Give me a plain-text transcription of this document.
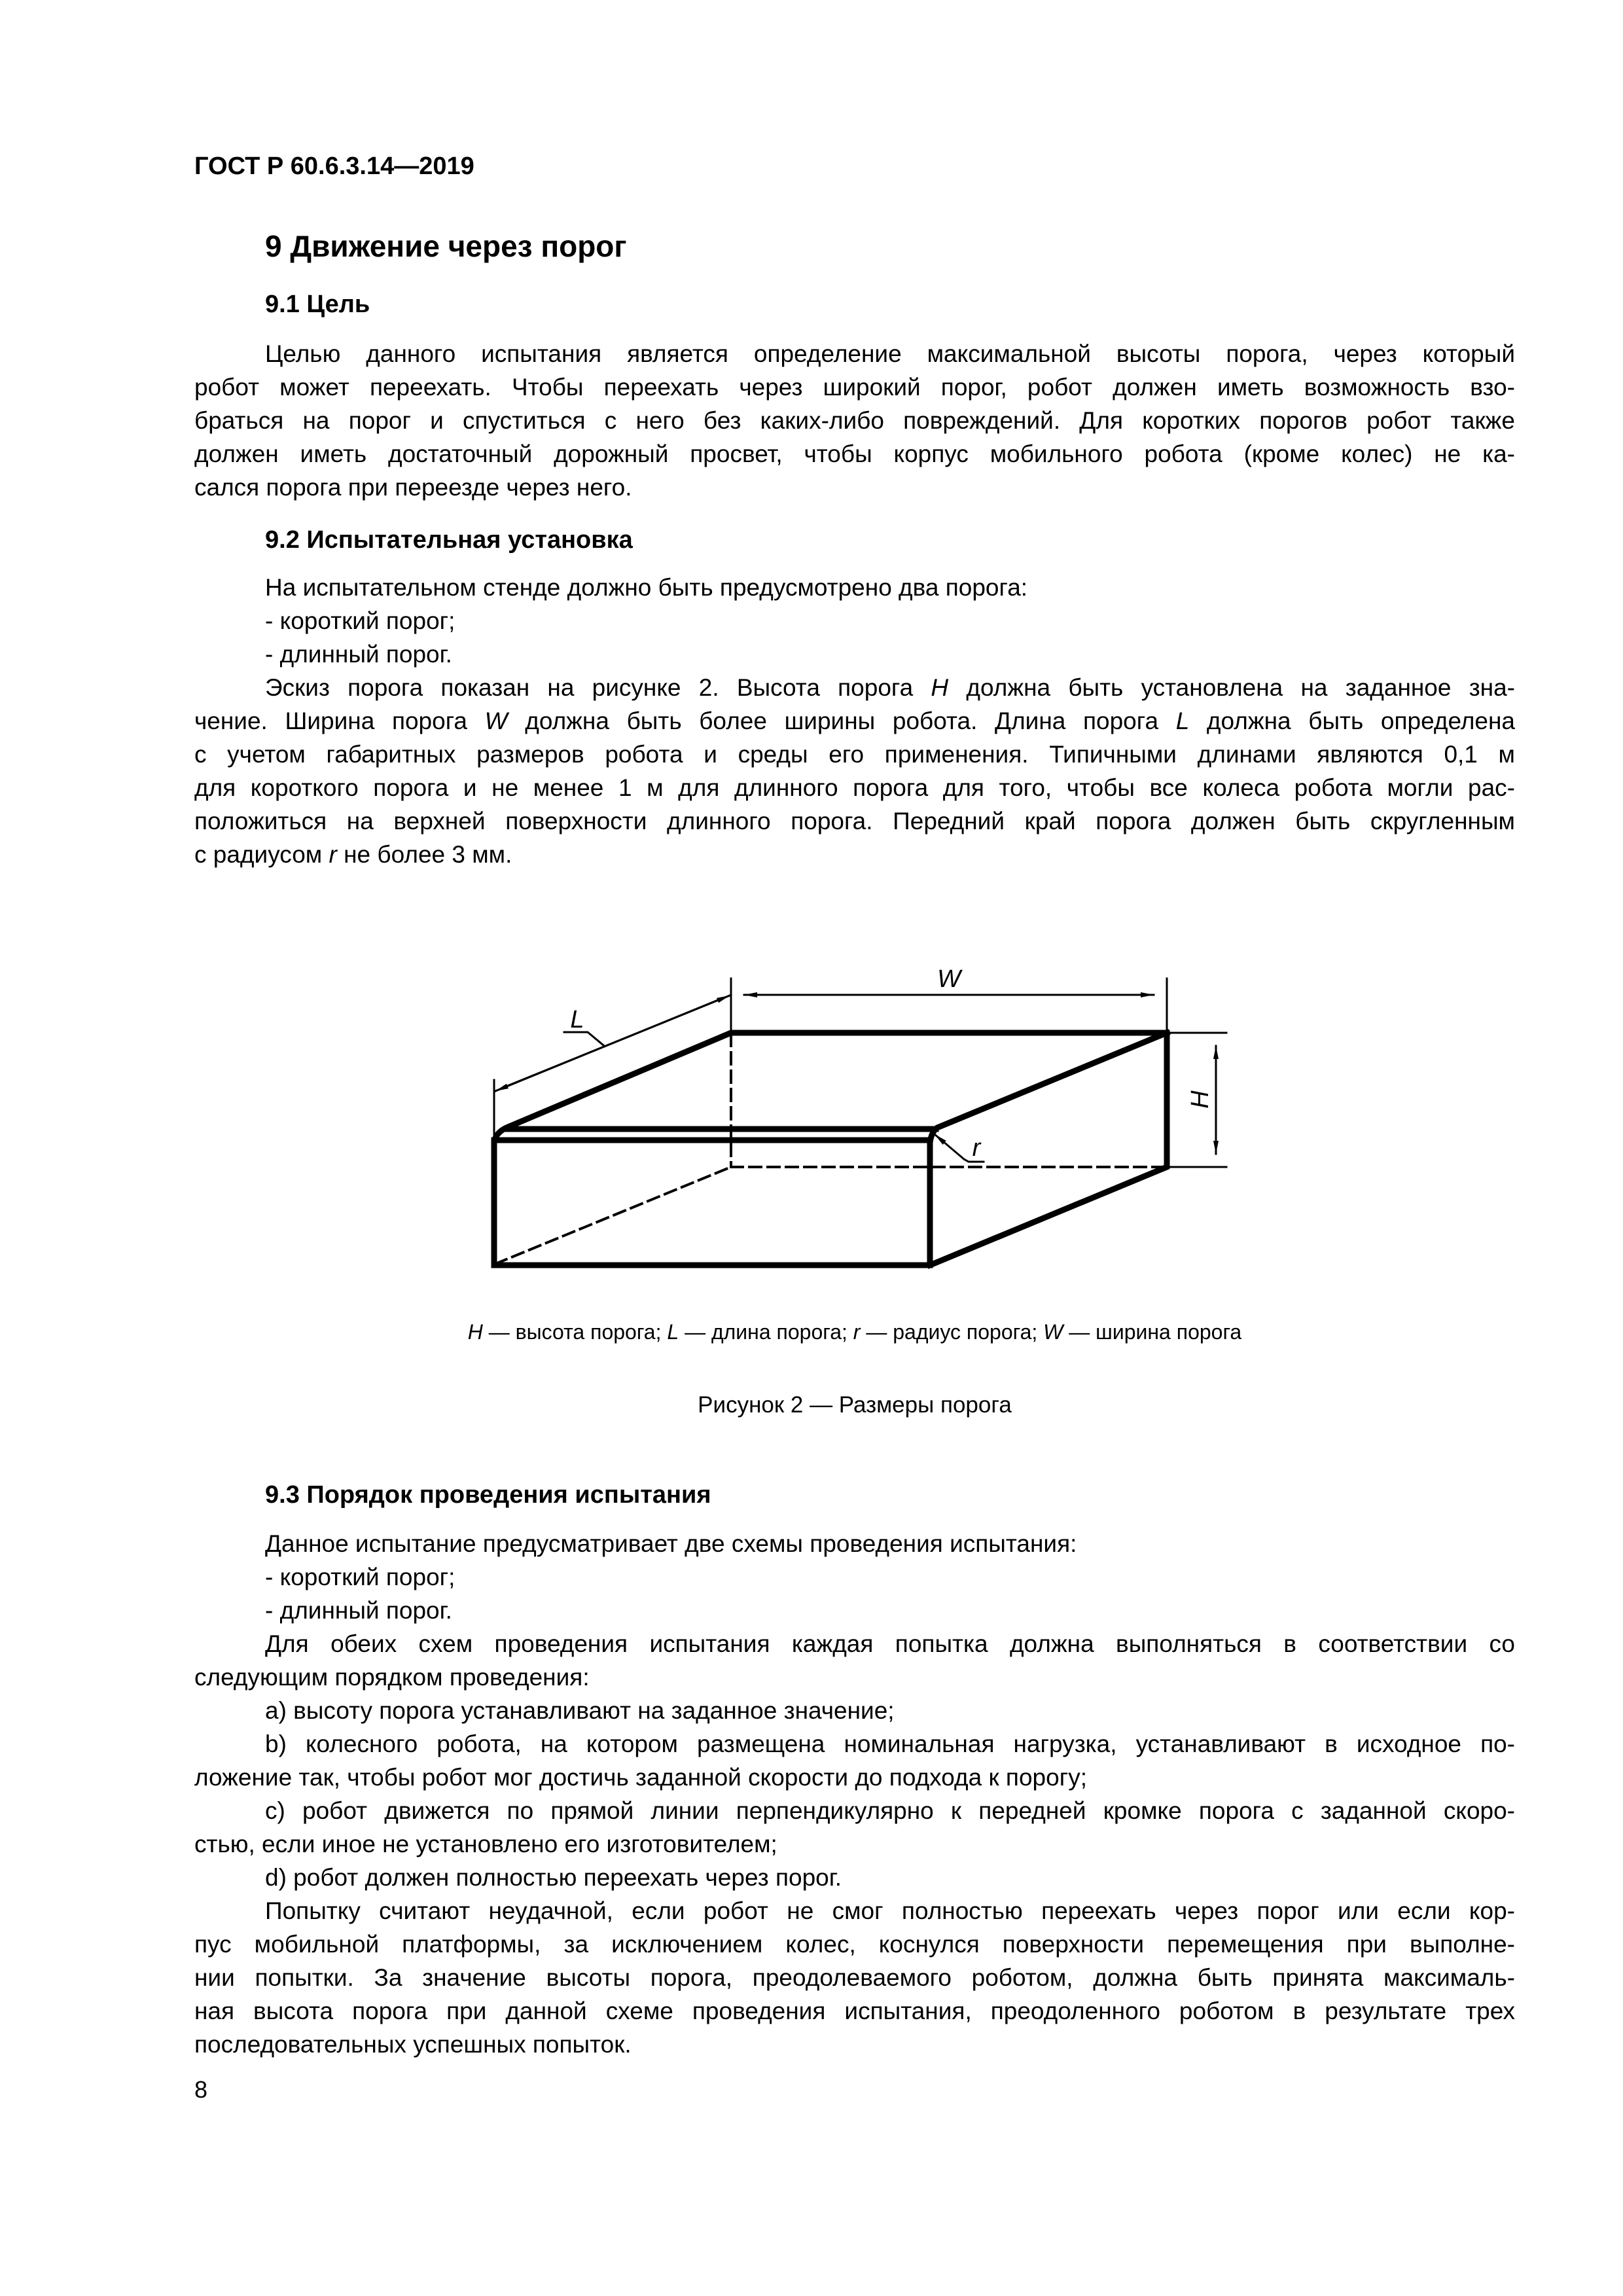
ГОСТ Р 60.6.3.14—2019
9 Движение через порог
9.1 Цель
Целью данного испытания является определение максимальной высоты порога, через который
робот может переехать. Чтобы переехать через широкий порог, робот должен иметь возможность взо-
браться на порог и спуститься с него без каких-либо повреждений. Для коротких порогов робот также
должен иметь достаточный дорожный просвет, чтобы корпус мобильного робота (кроме колес) не ка-
сался порога при переезде через него.
9.2 Испытательная установка
На испытательном стенде должно быть предусмотрено два порога:
- короткий порог;
- длинный порог.
Эскиз порога показан на рисунке 2. Высота порога H должна быть установлена на заданное зна-
чение. Ширина порога W должна быть более ширины робота. Длина порога L должна быть определена
с учетом габаритных размеров робота и среды его применения. Типичными длинами являются 0,1 м
для короткого порога и не менее 1 м для длинного порога для того, чтобы все колеса робота могли рас-
положиться на верхней поверхности длинного порога. Передний край порога должен быть скругленным
с радиусом r не более 3 мм.
W
L
r
H
H — высота порога; L — длина порога; r — радиус порога; W — ширина порога
Рисунок 2 — Размеры порога
9.3 Порядок проведения испытания
Данное испытание предусматривает две схемы проведения испытания:
- короткий порог;
- длинный порог.
Для обеих схем проведения испытания каждая попытка должна выполняться в соответствии со
следующим порядком проведения:
а) высоту порога устанавливают на заданное значение;
b) колесного робота, на котором размещена номинальная нагрузка, устанавливают в исходное по-
ложение так, чтобы робот мог достичь заданной скорости до подхода к порогу;
c) робот движется по прямой линии перпендикулярно к передней кромке порога с заданной скоро-
стью, если иное не установлено его изготовителем;
d) робот должен полностью переехать через порог.
Попытку считают неудачной, если робот не смог полностью переехать через порог или если кор-
пус мобильной платформы, за исключением колес, коснулся поверхности перемещения при выполне-
нии попытки. За значение высоты порога, преодолеваемого роботом, должна быть принята максималь-
ная высота порога при данной схеме проведения испытания, преодоленного роботом в результате трех
последовательных успешных попыток.
8
